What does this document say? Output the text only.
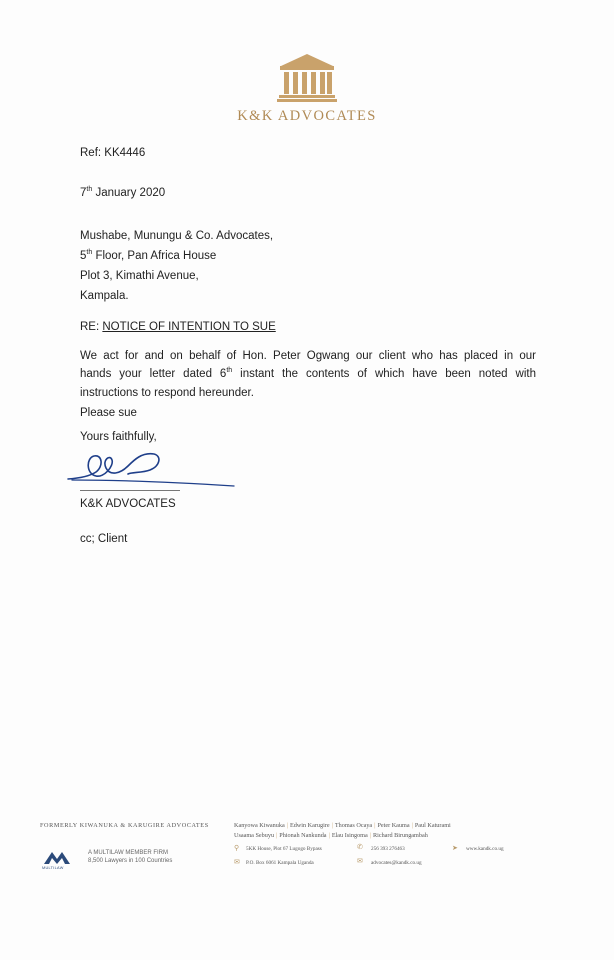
K&K ADVOCATES
Ref: KK4446
7th January 2020
Mushabe, Munungu & Co. Advocates,
5th Floor, Pan Africa House
Plot 3, Kimathi Avenue,
Kampala.
RE: NOTICE OF INTENTION TO SUE
We act for and on behalf of Hon. Peter Ogwang our client who has placed in our
hands your letter dated 6th instant the contents of which have been noted with
instructions to respond hereunder.
Please sue
Yours faithfully,
K&K ADVOCATES
cc; Client
FORMERLY KIWANUKA & KARUGIRE ADVOCATES
MULTILAW
A MULTILAW MEMBER FIRM
8,500 Lawyers in 100 Countries
Kanyowa Kiwanuka | Edwin Karugire | Thomas Ocaya | Peter Kauma | Paul Katurami
Usaama Sebuyu | Phionah Nankunda | Elau Isingoma | Richard Birungambah
⚲ 5KK House, Plot 67 Lugogo Bypass
✉ P.O. Box 6061 Kampala Uganda
✆ 256 393 276463
✉ advocates@kandk.co.ug
➤ www.kandk.co.ug
